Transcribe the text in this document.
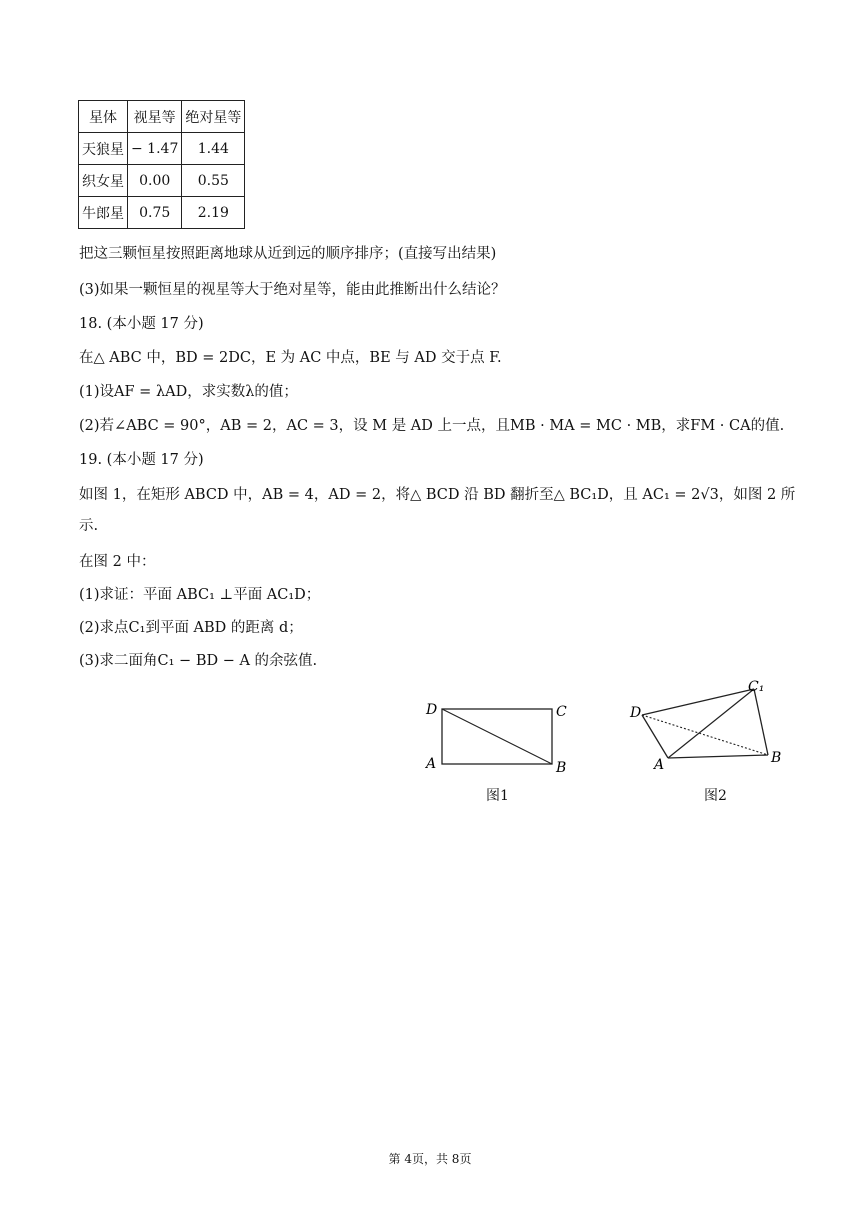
星体	视星等	绝对星等
天狼星	− 1.47	1.44
织女星	0.00	0.55
牛郎星	0.75	2.19
把这三颗恒星按照距离地球从近到远的顺序排序；(直接写出结果)
(3)如果一颗恒星的视星等大于绝对星等，能由此推断出什么结论？
18. (本小题 17 分)
在△ ABC 中，BD = 2DC，E 为 AC 中点，BE 与 AD 交于点 F.
(1)设AF = λAD，求实数λ的值；
(2)若∠ABC = 90°，AB = 2，AC = 3，设 M 是 AD 上一点，且MB · MA = MC · MB，求FM · CA的值.
19. (本小题 17 分)
如图 1，在矩形 ABCD 中，AB = 4，AD = 2，将△ BCD 沿 BD 翻折至△ BC₁D，且 AC₁ = 2√3，如图 2 所
示.
在图 2 中：
(1)求证：平面 ABC₁ ⊥平面 AC₁D；
(2)求点C₁到平面 ABD 的距离 d；
(3)求二面角C₁ − BD − A 的余弦值.
D	C
A	B
图1
D
C₁
A	B
图2
第 4页，共 8页
